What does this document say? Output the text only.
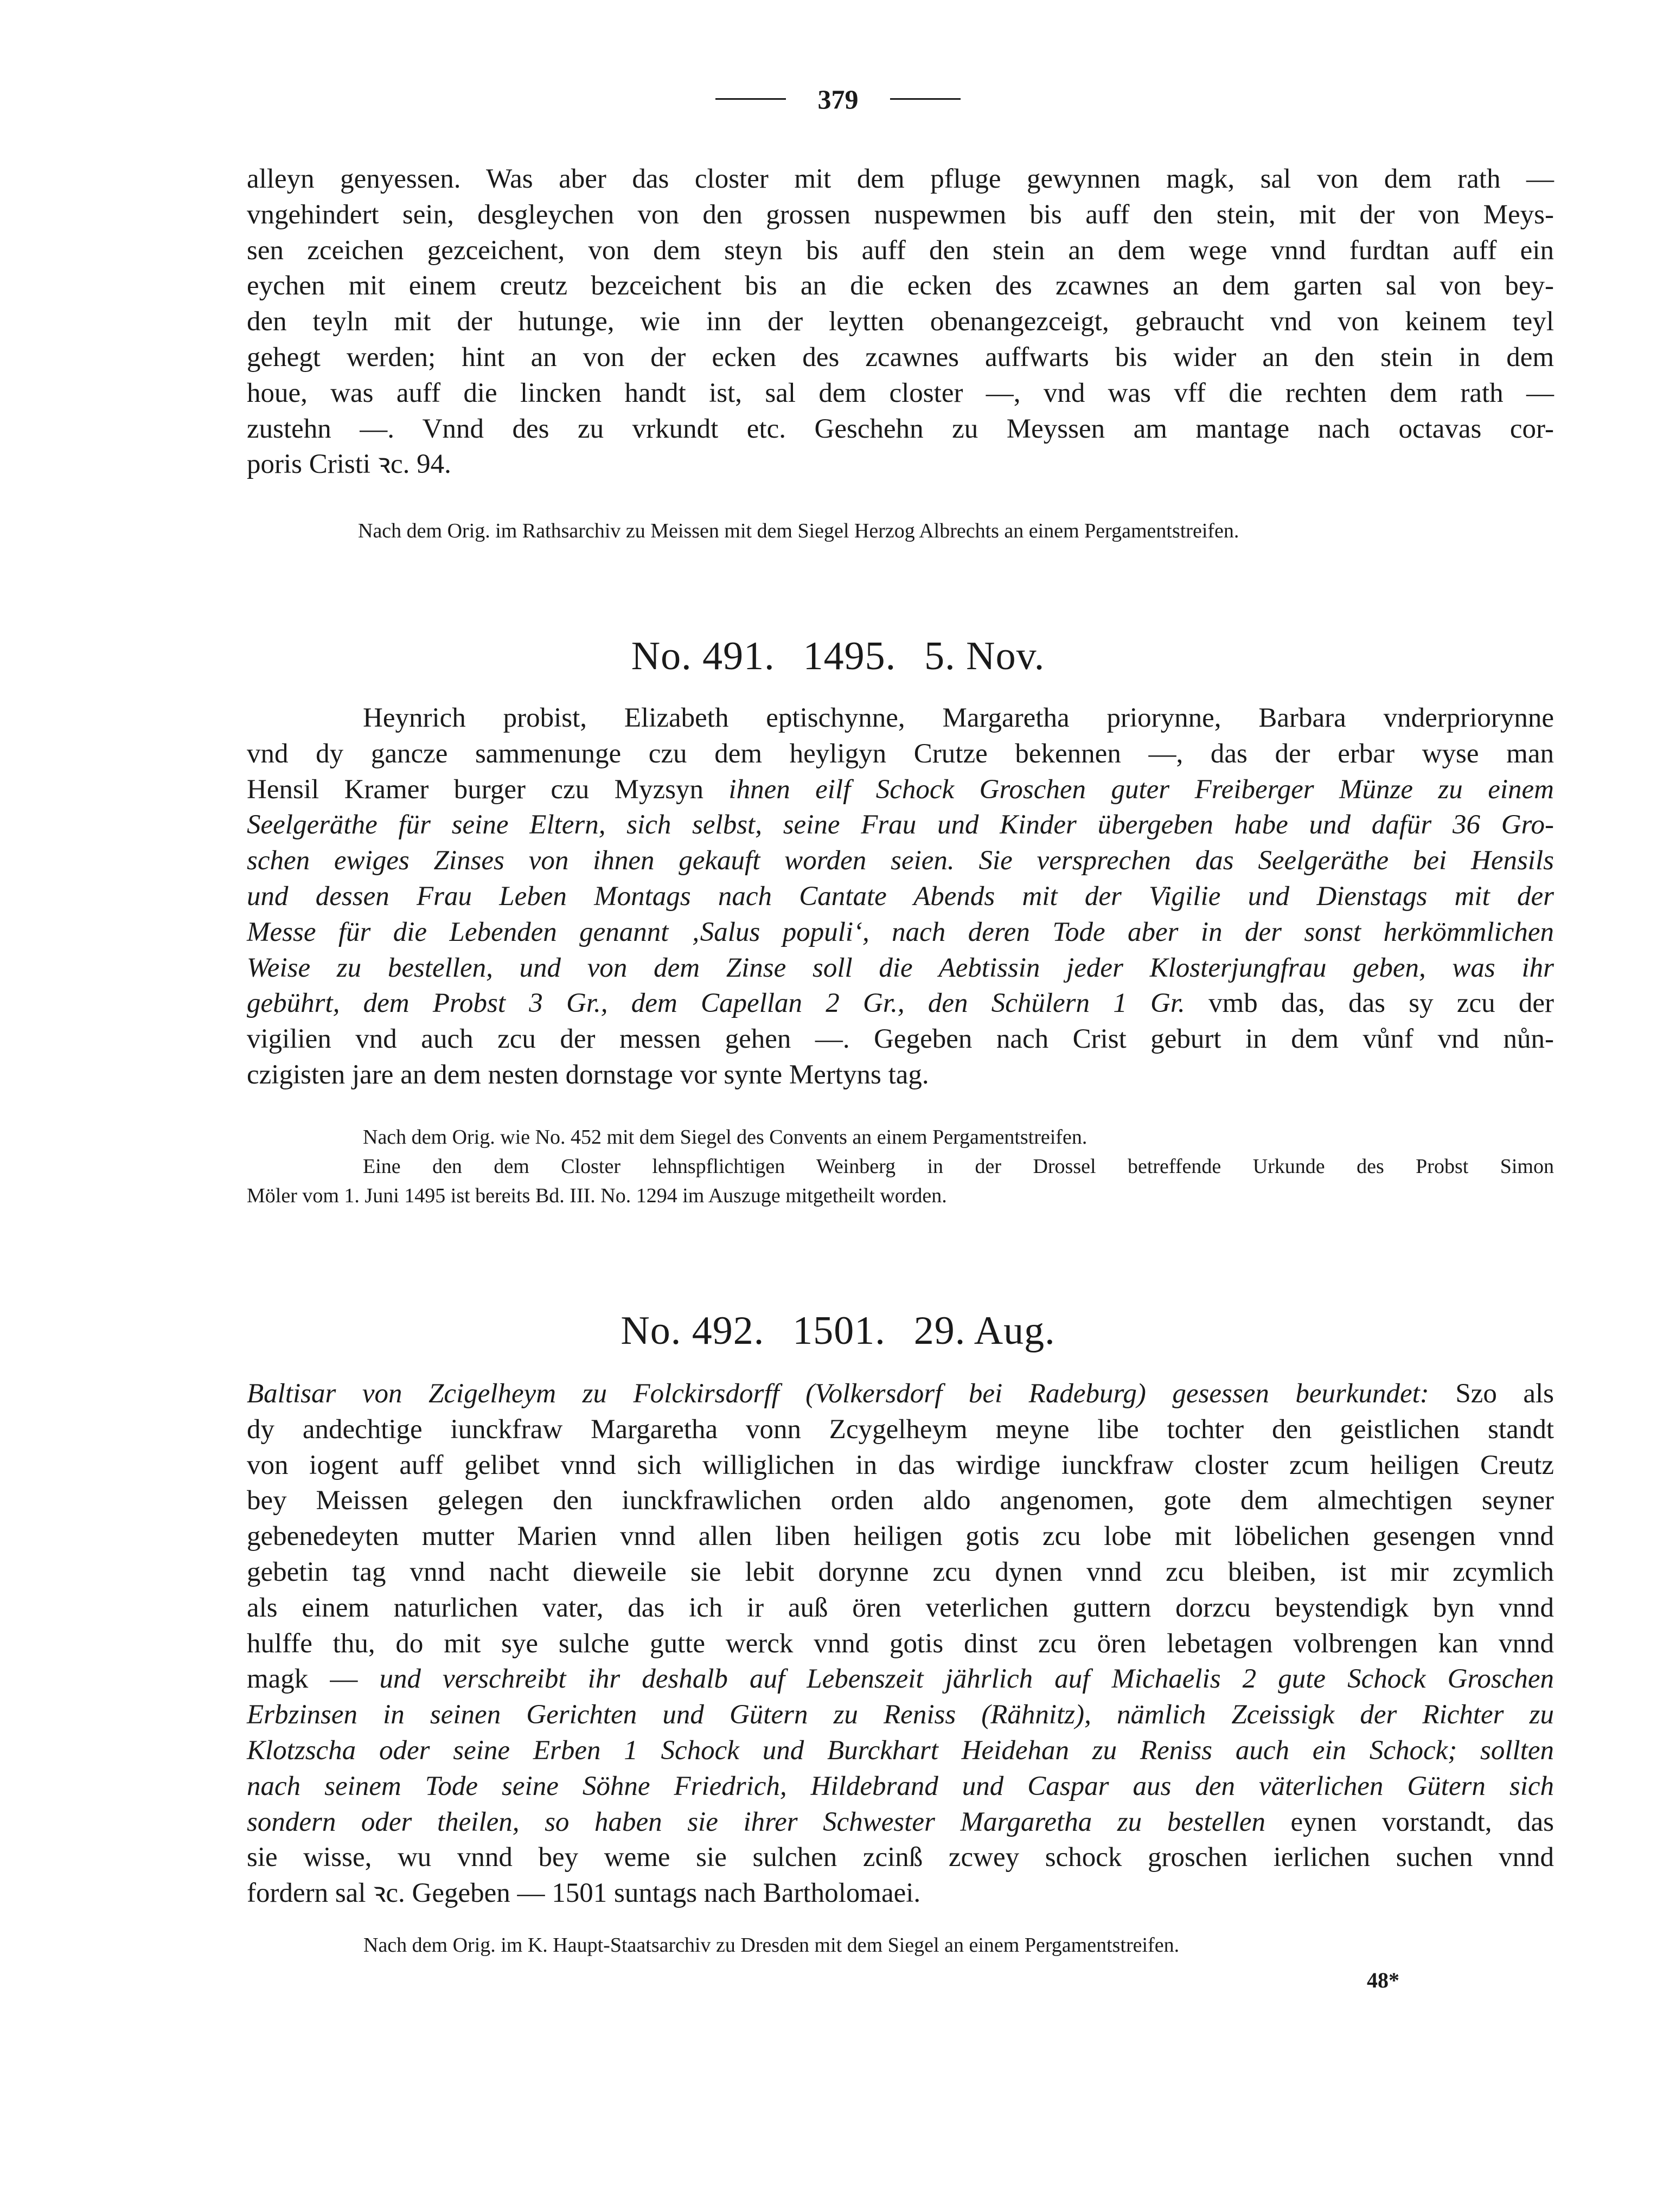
379
alleyn genyessen. Was aber das closter mit dem pfluge gewynnen magk, sal von dem rath —
vngehindert sein, desgleychen von den grossen nuspewmen bis auff den stein, mit der von Meys-
sen zceichen gezceichent, von dem steyn bis auff den stein an dem wege vnnd furdtan auff ein
eychen mit einem creutz bezceichent bis an die ecken des zcawnes an dem garten sal von bey-
den teyln mit der hutunge, wie inn der leytten obenangezceigt, gebraucht vnd von keinem teyl
gehegt werden; hint an von der ecken des zcawnes auffwarts bis wider an den stein in dem
houe, was auff die lincken handt ist, sal dem closter —, vnd was vff die rechten dem rath —
zustehn —. Vnnd des zu vrkundt etc. Geschehn zu Meyssen am mantage nach octavas cor-
poris Cristi ꝛc. 94.

Nach dem Orig. im Rathsarchiv zu Meissen mit dem Siegel Herzog Albrechts an einem Pergamentstreifen.

No. 491. 1495. 5. Nov.
Heynrich probist, Elizabeth eptischynne, Margaretha priorynne, Barbara vnderpriorynne
vnd dy gancze sammenunge czu dem heyligyn Crutze bekennen —, das der erbar wyse man
Hensil Kramer burger czu Myzsyn ihnen eilf Schock Groschen guter Freiberger Münze zu einem
Seelgeräthe für seine Eltern, sich selbst, seine Frau und Kinder übergeben habe und dafür 36 Gro-
schen ewiges Zinses von ihnen gekauft worden seien. Sie versprechen das Seelgeräthe bei Hensils
und dessen Frau Leben Montags nach Cantate Abends mit der Vigilie und Dienstags mit der
Messe für die Lebenden genannt ‚Salus populi‘, nach deren Tode aber in der sonst herkömmlichen
Weise zu bestellen, und von dem Zinse soll die Aebtissin jeder Klosterjungfrau geben, was ihr
gebührt, dem Probst 3 Gr., dem Capellan 2 Gr., den Schülern 1 Gr. vmb das, das sy zcu der
vigilien vnd auch zcu der messen gehen —. Gegeben nach Crist geburt in dem vůnf vnd nůn-
czigisten jare an dem nesten dornstage vor synte Mertyns tag.
Nach dem Orig. wie No. 452 mit dem Siegel des Convents an einem Pergamentstreifen.
Eine den dem Closter lehnspflichtigen Weinberg in der Drossel betreffende Urkunde des Probst Simon
Möler vom 1. Juni 1495 ist bereits Bd. III. No. 1294 im Auszuge mitgetheilt worden.
No. 492. 1501. 29. Aug.
Baltisar von Zcigelheym zu Folckirsdorff (Volkersdorf bei Radeburg) gesessen beurkundet: Szo als
dy andechtige iunckfraw Margaretha vonn Zcygelheym meyne libe tochter den geistlichen standt
von iogent auff gelibet vnnd sich williglichen in das wirdige iunckfraw closter zcum heiligen Creutz
bey Meissen gelegen den iunckfrawlichen orden aldo angenomen, gote dem almechtigen seyner
gebenedeyten mutter Marien vnnd allen liben heiligen gotis zcu lobe mit löbelichen gesengen vnnd
gebetin tag vnnd nacht dieweile sie lebit dorynne zcu dynen vnnd zcu bleiben, ist mir zcymlich
als einem naturlichen vater, das ich ir auß ören veterlichen guttern dorzcu beystendigk byn vnnd
hulffe thu, do mit sye sulche gutte werck vnnd gotis dinst zcu ören lebetagen volbrengen kan vnnd
magk — und verschreibt ihr deshalb auf Lebenszeit jährlich auf Michaelis 2 gute Schock Groschen
Erbzinsen in seinen Gerichten und Gütern zu Reniss (Rähnitz), nämlich Zceissigk der Richter zu
Klotzscha oder seine Erben 1 Schock und Burckhart Heidehan zu Reniss auch ein Schock; sollten
nach seinem Tode seine Söhne Friedrich, Hildebrand und Caspar aus den väterlichen Gütern sich
sondern oder theilen, so haben sie ihrer Schwester Margaretha zu bestellen eynen vorstandt, das
sie wisse, wu vnnd bey weme sie sulchen zcinß zcwey schock groschen ierlichen suchen vnnd
fordern sal ꝛc. Gegeben — 1501 suntags nach Bartholomaei.

Nach dem Orig. im K. Haupt-Staatsarchiv zu Dresden mit dem Siegel an einem Pergamentstreifen.

48*
